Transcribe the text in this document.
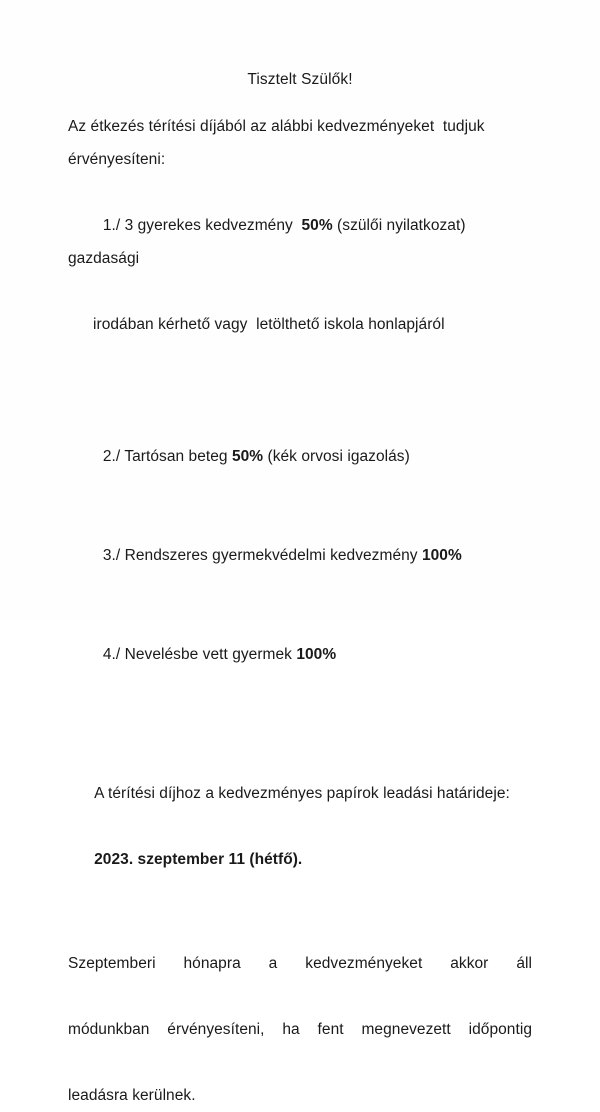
Tisztelt Szülők!

Az étkezés térítési díjából az alábbi kedvezményeket  tudjuk érvényesíteni:

1./ 3 gyerekes kedvezmény  50% (szülői nyilatkozat) gazdasági

irodában kérhető vagy  letölthető iskola honlapjáról

2./ Tartósan beteg 50% (kék orvosi igazolás)

3./ Rendszeres gyermekvédelmi kedvezmény 100%

4./ Nevelésbe vett gyermek 100%

A térítési díjhoz a kedvezményes papírok leadási határideje:

2023. szeptember 11 (hétfő).

Szeptemberi hónapra a kedvezményeket akkor áll
módunkban érvényesíteni, ha fent megnevezett időpontig
leadásra kerülnek.
